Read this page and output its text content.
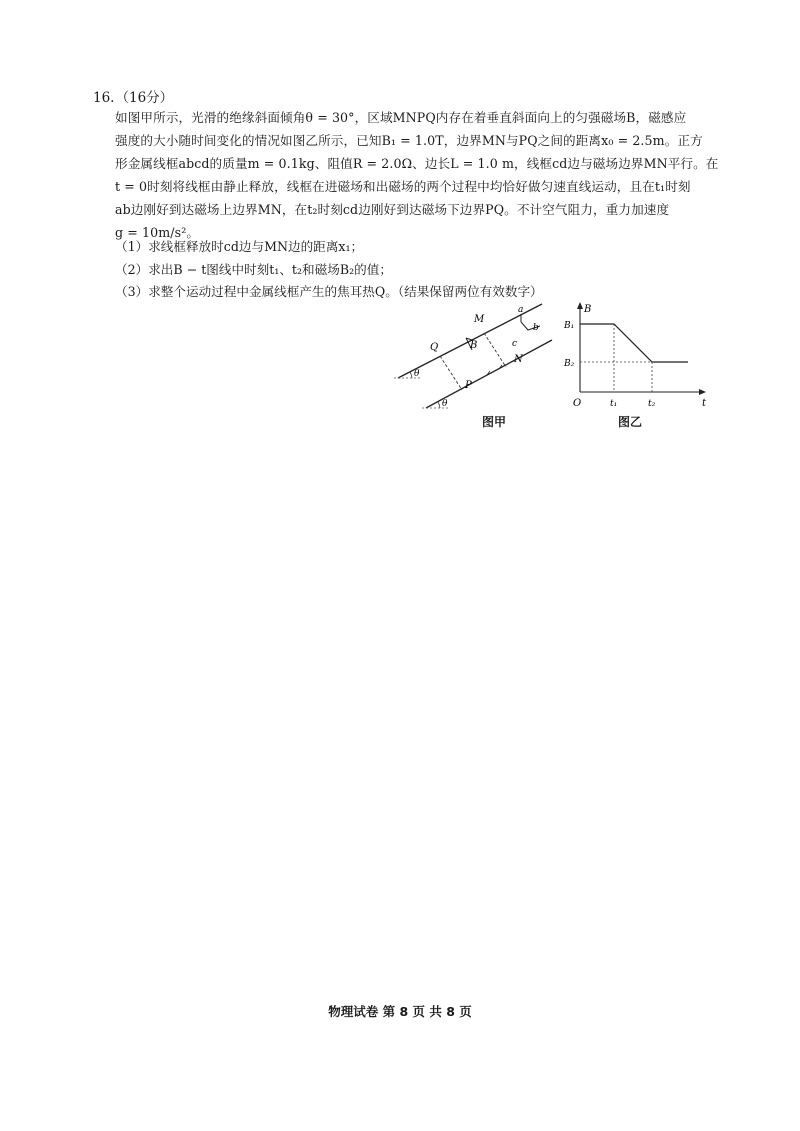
16.（16分）
如图甲所示，光滑的绝缘斜面倾角θ = 30°，区域MNPQ内存在着垂直斜面向上的匀强磁场B，磁感应
强度的大小随时间变化的情况如图乙所示，已知B₁ = 1.0T，边界MN与PQ之间的距离x₀ = 2.5m。正方
形金属线框abcd的质量m = 0.1kg、阻值R = 2.0Ω、边长L = 1.0 m，线框cd边与磁场边界MN平行。在
t = 0时刻将线框由静止释放，线框在进磁场和出磁场的两个过程中均恰好做匀速直线运动，且在t₁时刻
ab边刚好到达磁场上边界MN，在t₂时刻cd边刚好到达磁场下边界PQ。不计空气阻力，重力加速度
g = 10m/s²。
（1）求线框释放时cd边与MN边的距离x₁；
（2）求出B − t图线中时刻t₁、t₂和磁场B₂的值；
（3）求整个运动过程中金属线框产生的焦耳热Q。（结果保留两位有效数字）
θ
θ
B
M
N
Q
P
a
b
c
图甲
B
t
O
B₁
B₂
t₁	t₂
图乙
物理试卷 第 8 页 共 8 页
